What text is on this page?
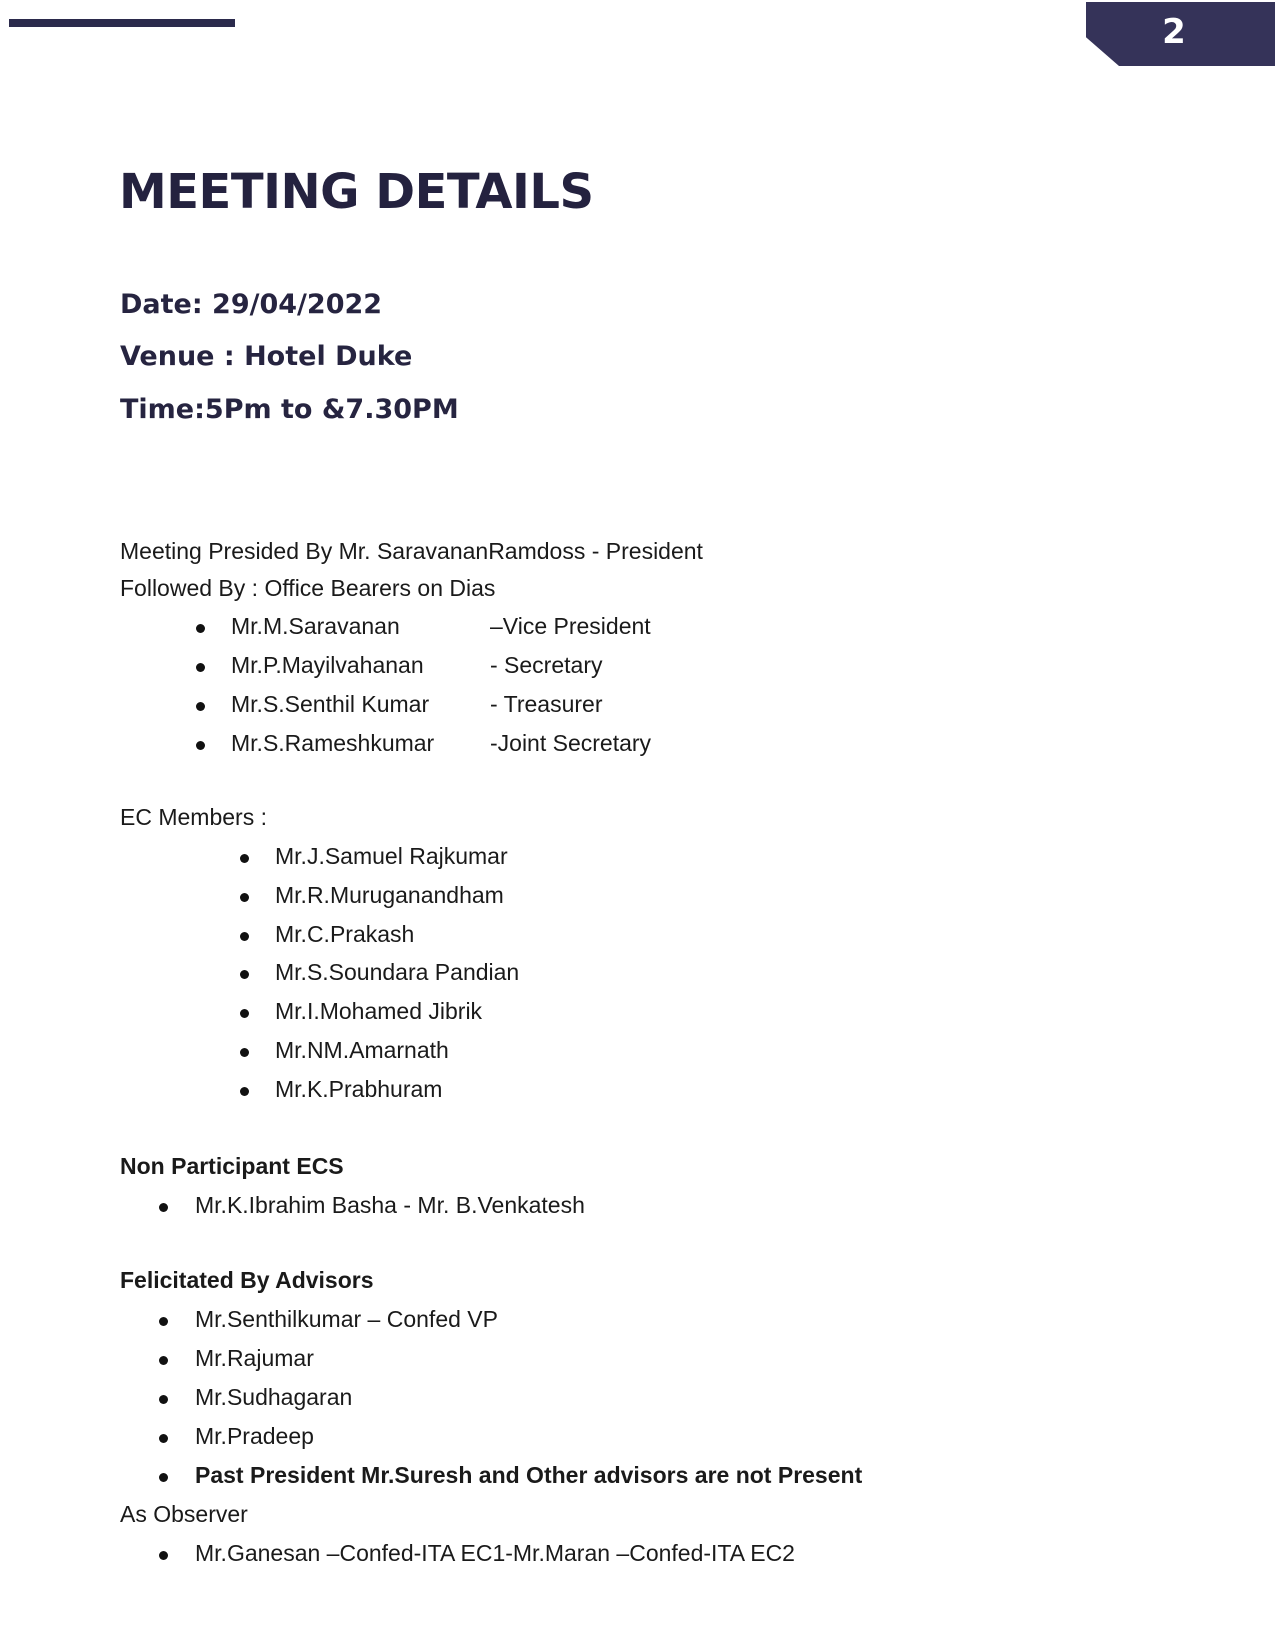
2
MEETING DETAILS
Date: 29/04/2022
Venue : Hotel Duke
Time:5Pm to &7.30PM
Meeting Presided By Mr. SaravananRamdoss - President
Followed By : Office Bearers on Dias
Mr.M.Saravanan	–Vice President
Mr.P.Mayilvahanan	- Secretary
Mr.S.Senthil Kumar	- Treasurer
Mr.S.Rameshkumar -Joint Secretary
EC Members :
Mr.J.Samuel Rajkumar
Mr.R.Muruganandham
Mr.C.Prakash
Mr.S.Soundara Pandian
Mr.I.Mohamed Jibrik
Mr.NM.Amarnath
Mr.K.Prabhuram
Non Participant ECS
Mr.K.Ibrahim Basha - Mr. B.Venkatesh
Felicitated By Advisors
Mr.Senthilkumar – Confed VP
Mr.Rajumar
Mr.Sudhagaran
Mr.Pradeep
Past President Mr.Suresh and Other advisors are not Present
As Observer
Mr.Ganesan –Confed-ITA EC1-Mr.Maran –Confed-ITA EC2
